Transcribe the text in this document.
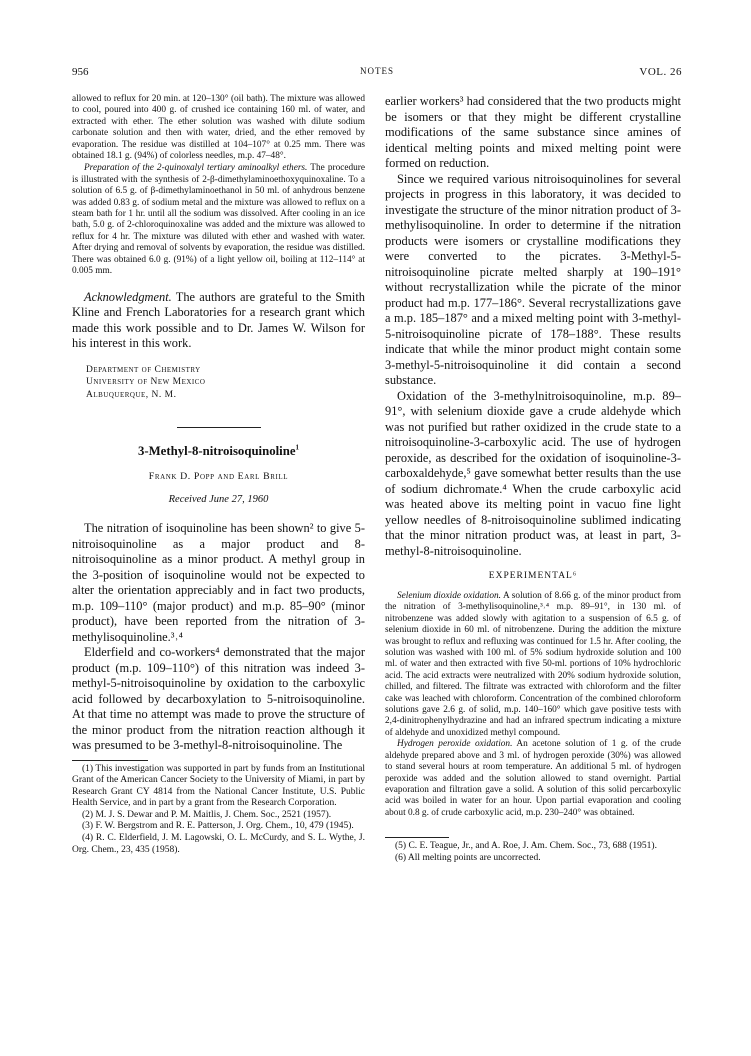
956	NOTES	VOL. 26

allowed to reflux for 20 min. at 120–130° (oil bath). The mixture was allowed to cool, poured into 400 g. of crushed ice containing 160 ml. of water, and extracted with ether. The ether solution was washed with dilute sodium carbonate solution and then with water, dried, and the ether removed by evaporation. The residue was distilled at 104–107° at 0.25 mm. There was obtained 18.1 g. (94%) of colorless needles, m.p. 47–48°.

Preparation of the 2-quinoxalyl tertiary aminoalkyl ethers. The procedure is illustrated with the synthesis of 2-β-dimethylaminoethoxyquinoxaline. To a solution of 6.5 g. of β-dimethylaminoethanol in 50 ml. of anhydrous benzene was added 0.83 g. of sodium metal and the mixture was allowed to reflux on a steam bath for 1 hr. until all the sodium was dissolved. After cooling in an ice bath, 5.0 g. of 2-chloroquinoxaline was added and the mixture was allowed to reflux for 4 hr. The mixture was diluted with ether and washed with water. After drying and removal of solvents by evaporation, the residue was distilled. There was obtained 6.0 g. (91%) of a light yellow oil, boiling at 112–114° at 0.005 mm.

Acknowledgment. The authors are grateful to the Smith Kline and French Laboratories for a research grant which made this work possible and to Dr. James W. Wilson for his interest in this work.

Department of Chemistry
University of New Mexico
Albuquerque, N. M.
3-Methyl-8-nitroisoquinoline$^1$
Frank D. Popp and Earl Brill
Received June 27, 1960

The nitration of isoquinoline has been shown² to give 5-nitroisoquinoline as a major product and 8-nitroisoquinoline as a minor product. A methyl group in the 3-position of isoquinoline would not be expected to alter the orientation appreciably and in fact two products, m.p. 109–110° (major product) and m.p. 85–90° (minor product), have been reported from the nitration of 3-methylisoquinoline.³˒⁴

Elderfield and co-workers⁴ demonstrated that the major product (m.p. 109–110°) of this nitration was indeed 3-methyl-5-nitroisoquinoline by oxidation to the carboxylic acid followed by decarboxylation to 5-nitroisoquinoline. At that time no attempt was made to prove the structure of the minor product from the nitration reaction although it was presumed to be 3-methyl-8-nitroisoquinoline. The

(1) This investigation was supported in part by funds from an Institutional Grant of the American Cancer Society to the University of Miami, in part by Research Grant CY 4814 from the National Cancer Institute, U.S. Public Health Service, and in part by a grant from the Research Corporation.

(2) M. J. S. Dewar and P. M. Maitlis, J. Chem. Soc., 2521 (1957).

(3) F. W. Bergstrom and R. E. Patterson, J. Org. Chem., 10, 479 (1945).

(4) R. C. Elderfield, J. M. Lagowski, O. L. McCurdy, and S. L. Wythe, J. Org. Chem., 23, 435 (1958).

earlier workers³ had considered that the two products might be isomers or that they might be different crystalline modifications of the same substance since amines of identical melting points and mixed melting point were formed on reduction.

Since we required various nitroisoquinolines for several projects in progress in this laboratory, it was decided to investigate the structure of the minor nitration product of 3-methylisoquinoline. In order to determine if the nitration products were isomers or crystalline modifications they were converted to the picrates. 3-Methyl-5-nitroisoquinoline picrate melted sharply at 190–191° without recrystallization while the picrate of the minor product had m.p. 177–186°. Several recrystallizations gave a m.p. 185–187° and a mixed melting point with 3-methyl-5-nitroisoquinoline picrate of 178–188°. These results indicate that while the minor product might contain some 3-methyl-5-nitroisoquinoline it did contain a second substance.

Oxidation of the 3-methylnitroisoquinoline, m.p. 89–91°, with selenium dioxide gave a crude aldehyde which was not purified but rather oxidized in the crude state to a nitroisoquinoline-3-carboxylic acid. The use of hydrogen peroxide, as described for the oxidation of isoquinoline-3-carboxaldehyde,⁵ gave somewhat better results than the use of sodium dichromate.⁴ When the crude carboxylic acid was heated above its melting point in vacuo fine light yellow needles of 8-nitroisoquinoline sublimed indicating that the minor nitration product was, at least in part, 3-methyl-8-nitroisoquinoline.

EXPERIMENTAL⁶

Selenium dioxide oxidation. A solution of 8.66 g. of the minor product from the nitration of 3-methylisoquinoline,³˒⁴ m.p. 89–91°, in 130 ml. of nitrobenzene was added slowly with agitation to a suspension of 6.5 g. of selenium dioxide in 60 ml. of nitrobenzene. During the addition the mixture was brought to reflux and refluxing was continued for 1.5 hr. After cooling, the solution was washed with 100 ml. of 5% sodium hydroxide solution and 100 ml. of water and then extracted with five 50-ml. portions of 10% hydrochloric acid. The acid extracts were neutralized with 20% sodium hydroxide solution, chilled, and filtered. The filtrate was extracted with chloroform and the filter cake was leached with chloroform. Concentration of the combined chloroform solutions gave 2.6 g. of solid, m.p. 140–160° which gave positive tests with 2,4-dinitrophenylhydrazine and had an infrared spectrum indicating a mixture of aldehyde and unoxidized methyl compound.

Hydrogen peroxide oxidation. An acetone solution of 1 g. of the crude aldehyde prepared above and 3 ml. of hydrogen peroxide (30%) was allowed to stand several hours at room temperature. An additional 5 ml. of hydrogen peroxide was added and the solution allowed to stand overnight. Partial evaporation and filtration gave a solid. A solution of this solid percarboxylic acid was boiled in water for an hour. Upon partial evaporation and cooling about 0.8 g. of crude carboxylic acid, m.p. 230–240° was obtained.

(5) C. E. Teague, Jr., and A. Roe, J. Am. Chem. Soc., 73, 688 (1951).

(6) All melting points are uncorrected.
